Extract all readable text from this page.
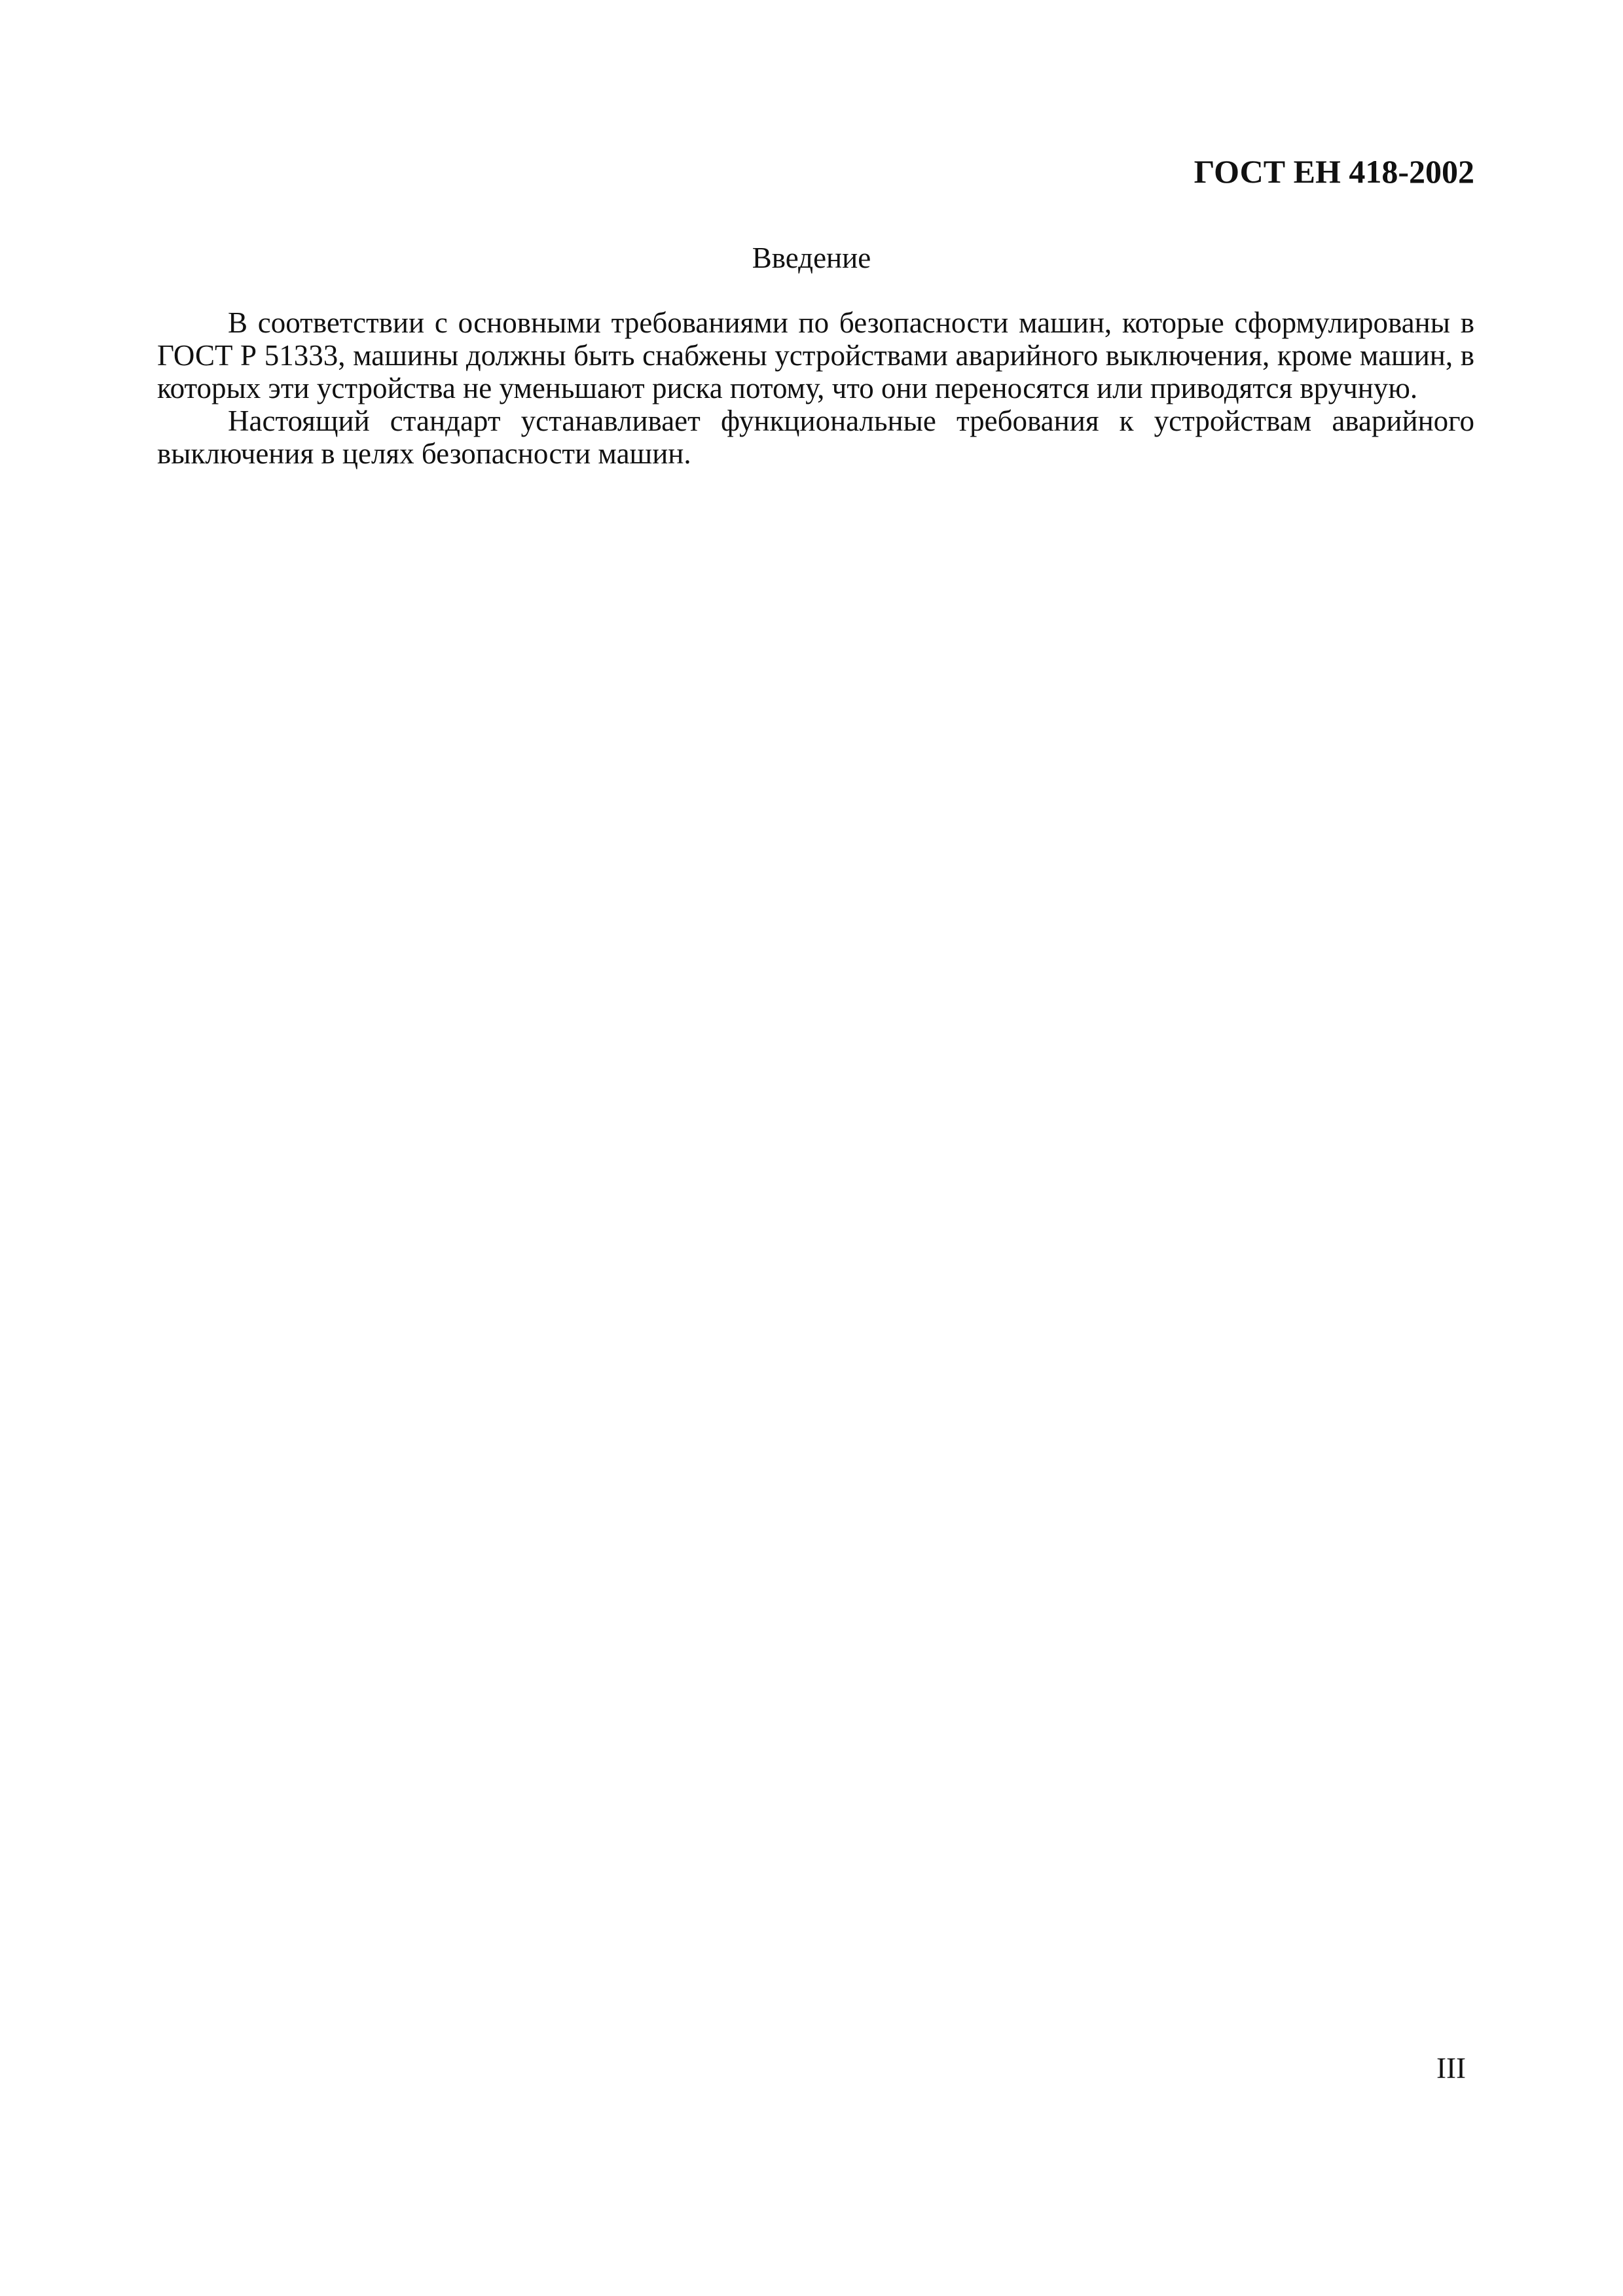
ГОСТ ЕН 418-2002
Введение

В соответствии с основными требованиями по безопасности машин, которые сформулированы в ГОСТ Р 51333, машины должны быть снабжены устройствами аварийного выключения, кроме машин, в которых эти устройства не уменьшают риска потому, что они переносятся или приводятся вручную.

Настоящий стандарт устанавливает функциональные требования к устройствам аварийного выключения в целях безопасности машин.

III
